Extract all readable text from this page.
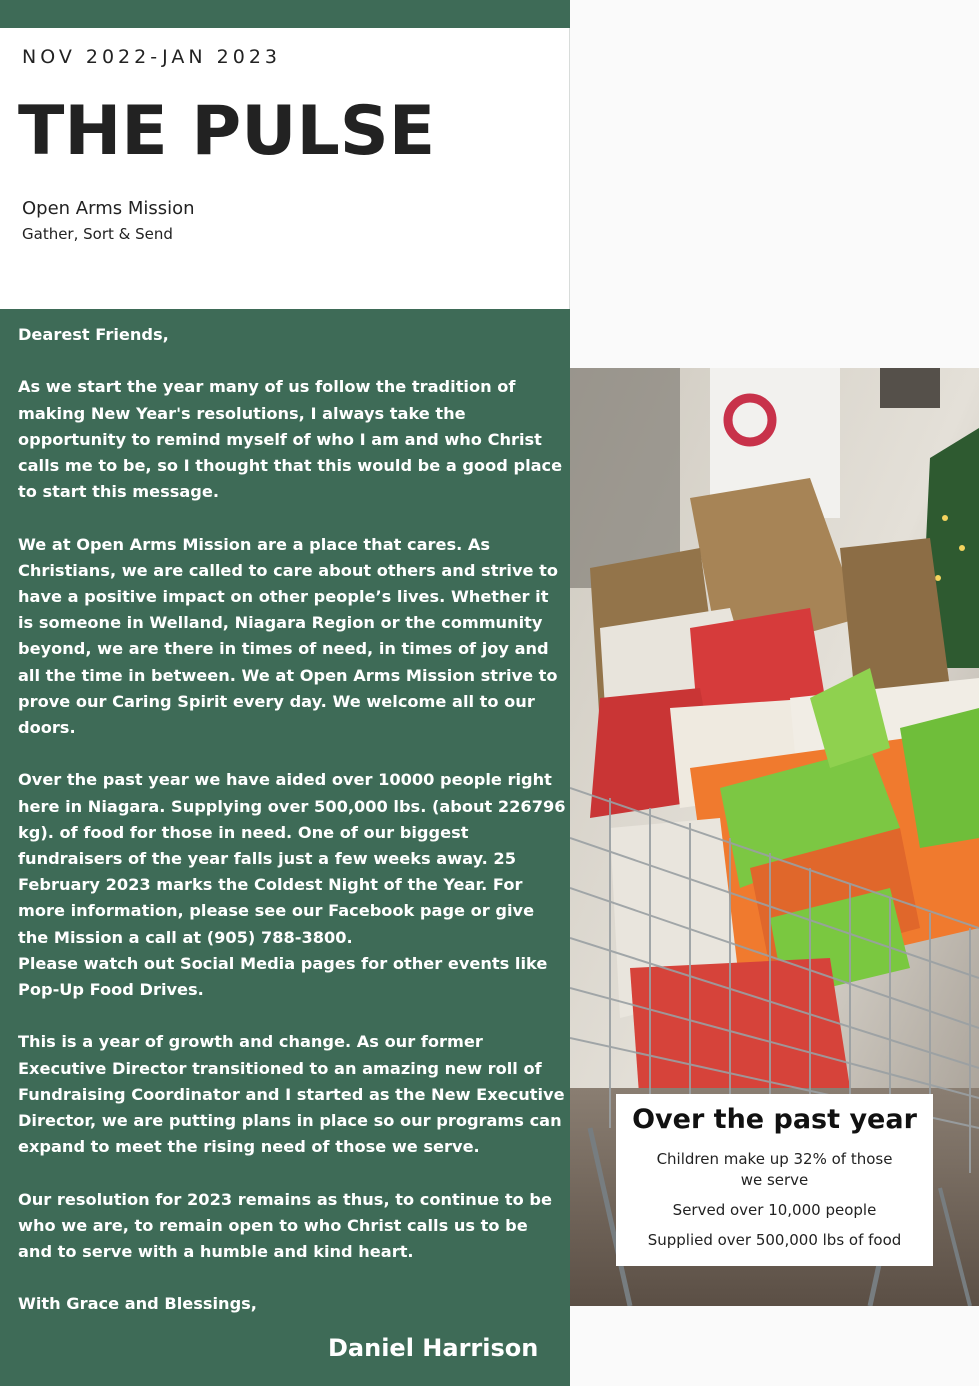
NOV 2022-JAN 2023
THE PULSE
Open Arms Mission
Gather, Sort & Send

Dearest Friends,

As we start the year many of us follow the tradition of making New Year's resolutions, I always take the opportunity to remind myself of who I am and who Christ calls me to be, so I thought that this would be a good place to start this message.

We at Open Arms Mission are a place that cares. As Christians, we are called to care about others and strive to have a positive impact on other people’s lives. Whether it is someone in Welland, Niagara Region or the community beyond, we are there in times of need, in times of joy and all the time in between. We at Open Arms Mission strive to prove our Caring Spirit every day. We welcome all to our doors.

Over the past year we have aided over 10000 people right here in Niagara. Supplying over 500,000 lbs. (about 226796 kg). of food for those in need. One of our biggest fundraisers of the year falls just a few weeks away. 25 February 2023 marks the Coldest Night of the Year. For more information, please see our Facebook page or give the Mission a call at (905) 788-3800.

Please watch out Social Media pages for other events like Pop-Up Food Drives.

This is a year of growth and change. As our former Executive Director transitioned to an amazing new roll of Fundraising Coordinator and I started as the New Executive Director, we are putting plans in place so our programs can expand to meet the rising need of those we serve.

Our resolution for 2023 remains as thus, to continue to be who we are, to remain open to who Christ calls us to be and to serve with a humble and kind heart.

With Grace and Blessings,

Daniel Harrison
Over the past year
Children make up 32% of those we serve
Served over 10,000 people
Supplied over 500,000 lbs of food
